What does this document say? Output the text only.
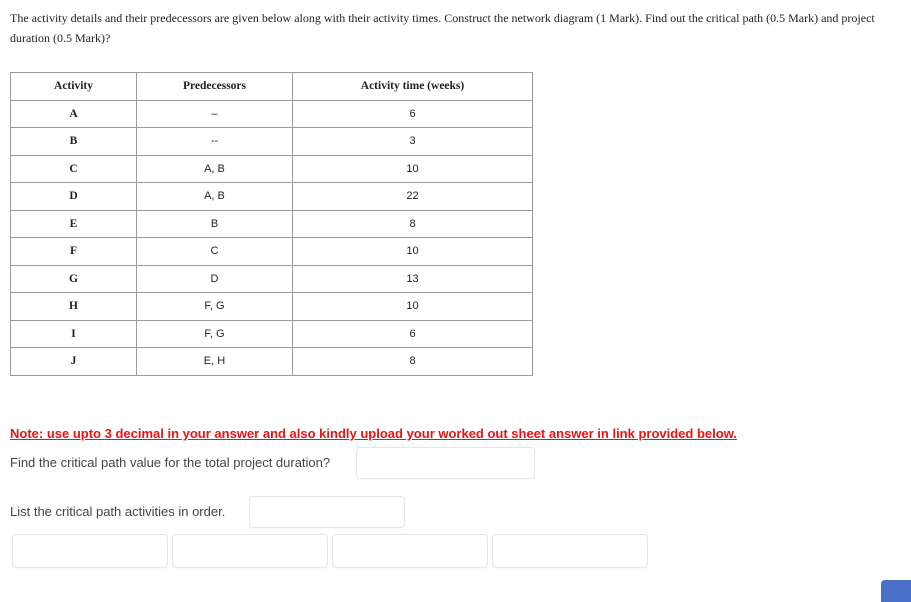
The activity details and their predecessors are given below along with their activity times. Construct the network diagram (1 Mark). Find out the critical path (0.5 Mark) and project duration (0.5 Mark)?
Activity	Predecessors	Activity time (weeks)
A	–	6
B	--	3
C	A, B	10
D	A, B	22
E	B	8
F	C	10
G	D	13
H	F, G	10
I	F, G	6
J	E, H	8
Note: use upto 3 decimal in your answer and also kindly upload your worked out sheet answer in link provided below.
Find the critical path value for the total project duration?
List the critical path activities in order.
